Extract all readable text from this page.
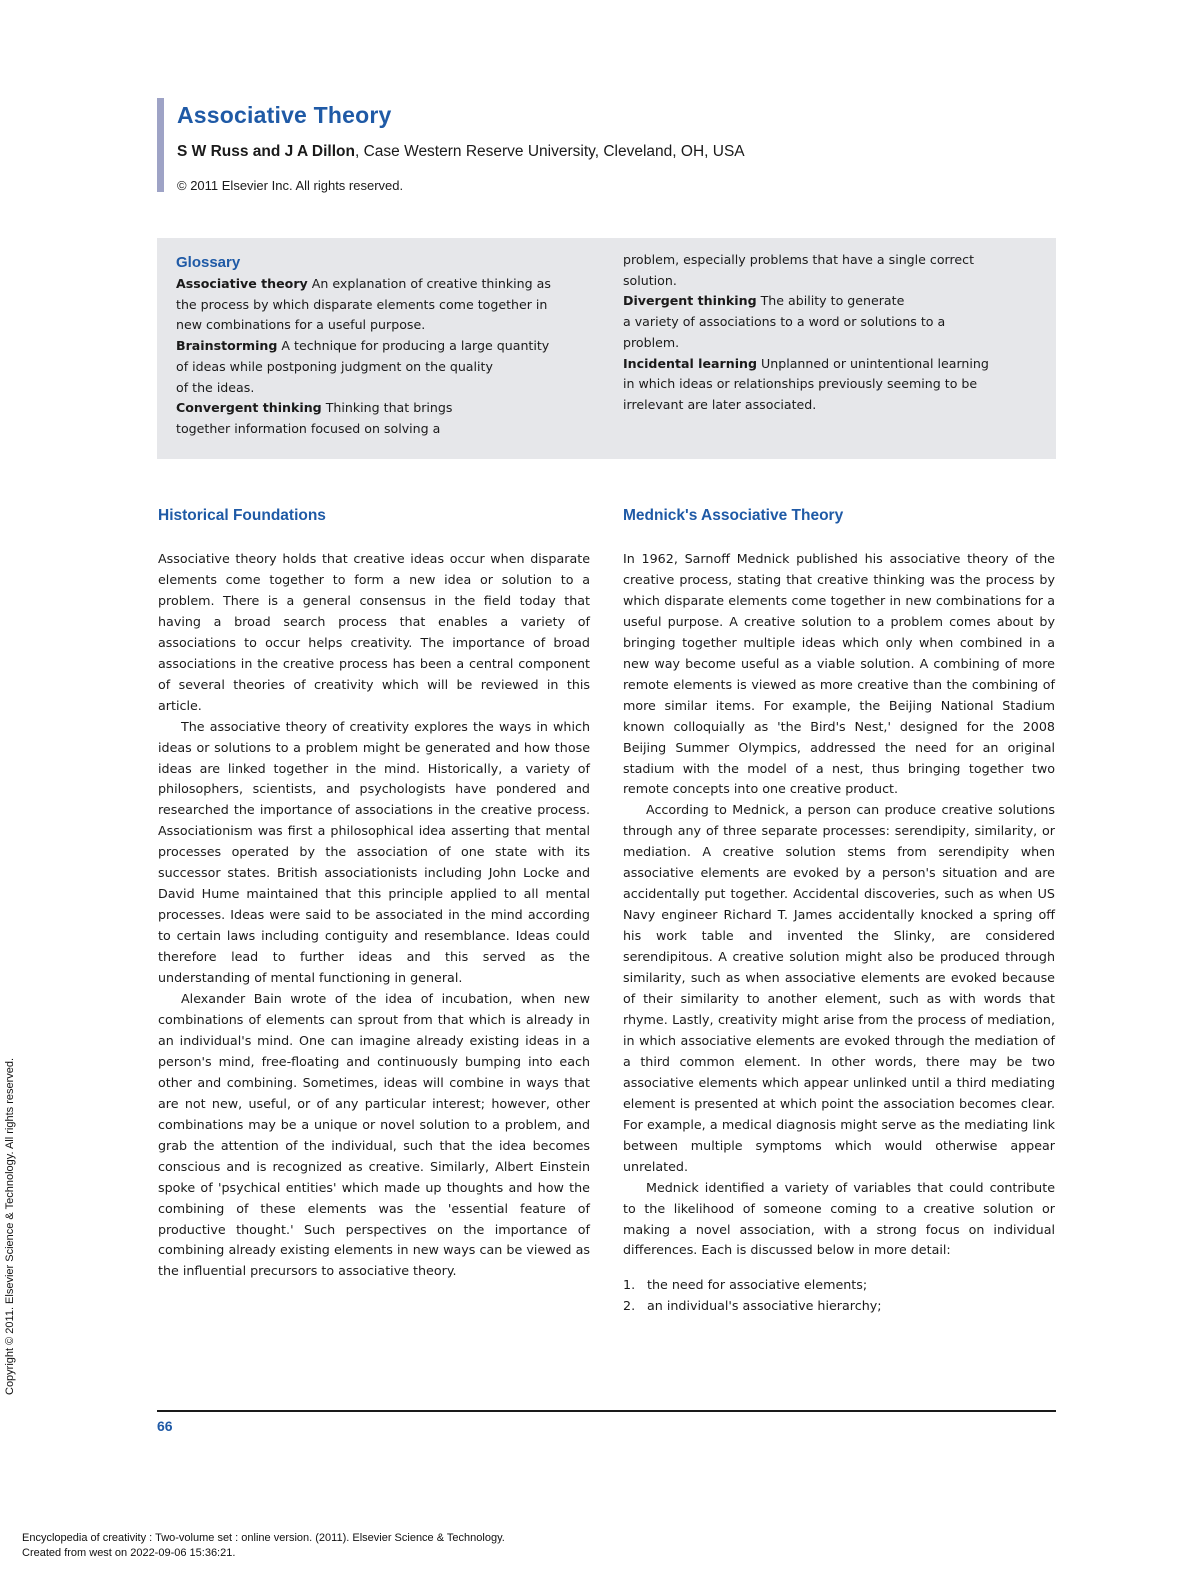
Associative Theory
S W Russ and J A Dillon, Case Western Reserve University, Cleveland, OH, USA
© 2011 Elsevier Inc. All rights reserved.
Glossary
Associative theory An explanation of creative thinking as
the process by which disparate elements come together in
new combinations for a useful purpose.
Brainstorming A technique for producing a large quantity
of ideas while postponing judgment on the quality
of the ideas.
Convergent thinking Thinking that brings
together information focused on solving a
problem, especially problems that have a single correct
solution.
Divergent thinking The ability to generate
a variety of associations to a word or solutions to a
problem.
Incidental learning Unplanned or unintentional learning
in which ideas or relationships previously seeming to be
irrelevant are later associated.
Historical Foundations

Associative theory holds that creative ideas occur when disparate elements come together to form a new idea or solution to a problem. There is a general consensus in the field today that having a broad search process that enables a variety of associations to occur helps creativity. The importance of broad associations in the creative process has been a central component of several theories of creativity which will be reviewed in this article.

The associative theory of creativity explores the ways in which ideas or solutions to a problem might be generated and how those ideas are linked together in the mind. Historically, a variety of philosophers, scientists, and psychologists have pondered and researched the importance of associations in the creative process. Associationism was first a philosophical idea asserting that mental processes operated by the association of one state with its successor states. British associationists including John Locke and David Hume maintained that this principle applied to all mental processes. Ideas were said to be associated in the mind according to certain laws including contiguity and resemblance. Ideas could therefore lead to further ideas and this served as the understanding of mental functioning in general.

Alexander Bain wrote of the idea of incubation, when new combinations of elements can sprout from that which is already in an individual's mind. One can imagine already existing ideas in a person's mind, free-floating and continuously bumping into each other and combining. Sometimes, ideas will combine in ways that are not new, useful, or of any particular interest; however, other combinations may be a unique or novel solution to a problem, and grab the attention of the individual, such that the idea becomes conscious and is recognized as creative. Similarly, Albert Einstein spoke of 'psychical entities' which made up thoughts and how the combining of these elements was the 'essential feature of productive thought.' Such perspectives on the importance of combining already existing elements in new ways can be viewed as the influential precursors to associative theory.

Mednick's Associative Theory

In 1962, Sarnoff Mednick published his associative theory of the creative process, stating that creative thinking was the process by which disparate elements come together in new combinations for a useful purpose. A creative solution to a problem comes about by bringing together multiple ideas which only when combined in a new way become useful as a viable solution. A combining of more remote elements is viewed as more creative than the combining of more similar items. For example, the Beijing National Stadium known colloquially as 'the Bird's Nest,' designed for the 2008 Beijing Summer Olympics, addressed the need for an original stadium with the model of a nest, thus bringing together two remote concepts into one creative product.

According to Mednick, a person can produce creative solutions through any of three separate processes: serendipity, similarity, or mediation. A creative solution stems from serendipity when associative elements are evoked by a person's situation and are accidentally put together. Accidental discoveries, such as when US Navy engineer Richard T. James accidentally knocked a spring off his work table and invented the Slinky, are considered serendipitous. A creative solution might also be produced through similarity, such as when associative elements are evoked because of their similarity to another element, such as with words that rhyme. Lastly, creativity might arise from the process of mediation, in which associative elements are evoked through the mediation of a third common element. In other words, there may be two associative elements which appear unlinked until a third mediating element is presented at which point the association becomes clear. For example, a medical diagnosis might serve as the mediating link between multiple symptoms which would otherwise appear unrelated.

Mednick identified a variety of variables that could contribute to the likelihood of someone coming to a creative solution or making a novel association, with a strong focus on individual differences. Each is discussed below in more detail:

1. the need for associative elements;
2. an individual's associative hierarchy;
66
Copyright © 2011. Elsevier Science & Technology. All rights reserved.
Encyclopedia of creativity : Two-volume set : online version. (2011). Elsevier Science & Technology.
Created from west on 2022-09-06 15:36:21.
